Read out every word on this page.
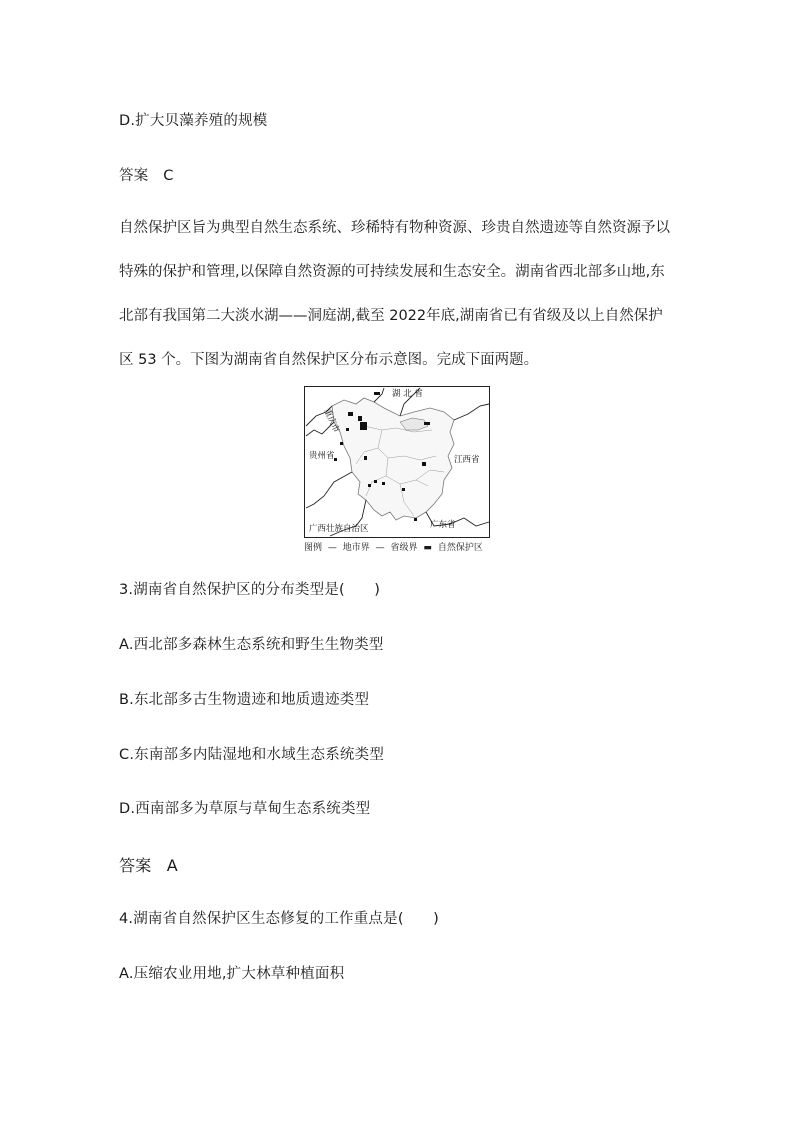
D.扩大贝藻养殖的规模
答案 C
自然保护区旨为典型自然生态系统、珍稀特有物种资源、珍贵自然遗迹等自然资源予以
特殊的保护和管理,以保障自然资源的可持续发展和生态安全。湖南省西北部多山地,东
北部有我国第二大淡水湖——洞庭湖,截至 2022年底,湖南省已有省级及以上自然保护
区 53 个。下图为湖南省自然保护区分布示意图。完成下面两题。
湖 北 省
重庆市
贵州省	江西省
广西壮族自治区	广东省
图例 — 地市界 — 省级界 ▬ 自然保护区
3.湖南省自然保护区的分布类型是(　　)
A.西北部多森林生态系统和野生生物类型
B.东北部多古生物遗迹和地质遗迹类型
C.东南部多内陆湿地和水域生态系统类型
D.西南部多为草原与草甸生态系统类型
答案 A
4.湖南省自然保护区生态修复的工作重点是(　　)
A.压缩农业用地,扩大林草种植面积
